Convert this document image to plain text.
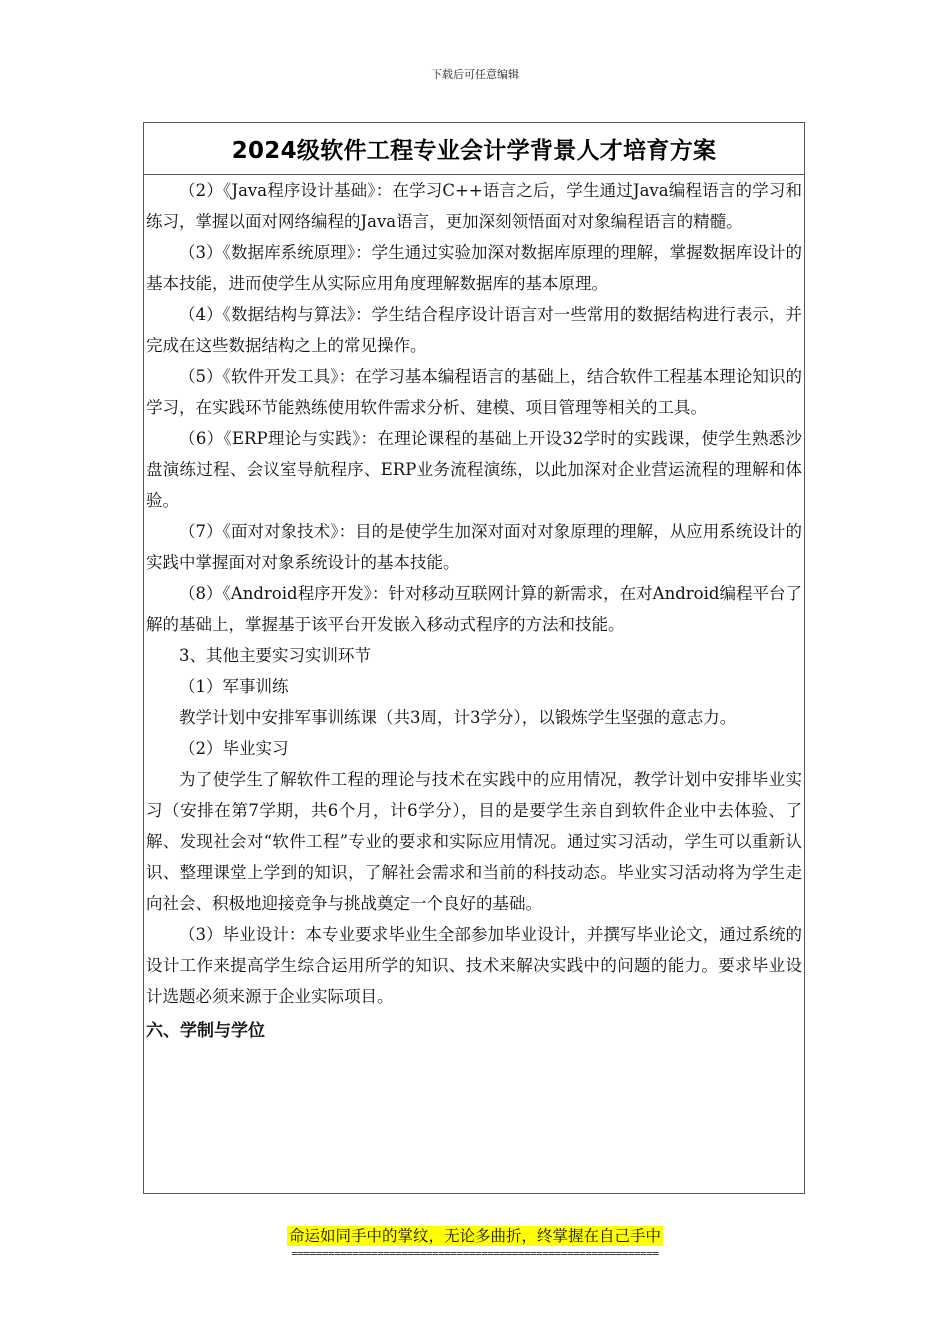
下载后可任意编辑
2024级软件工程专业会计学背景人才培育方案

（2）《Java程序设计基础》：在学习C++语言之后，学生通过Java编程语言的学习和练习，掌握以面对网络编程的Java语言，更加深刻领悟面对对象编程语言的精髓。

（3）《数据库系统原理》：学生通过实验加深对数据库原理的理解，掌握数据库设计的基本技能，进而使学生从实际应用角度理解数据库的基本原理。

（4）《数据结构与算法》：学生结合程序设计语言对一些常用的数据结构进行表示，并完成在这些数据结构之上的常见操作。

（5）《软件开发工具》：在学习基本编程语言的基础上，结合软件工程基本理论知识的学习，在实践环节能熟练使用软件需求分析、建模、项目管理等相关的工具。

（6）《ERP理论与实践》：在理论课程的基础上开设32学时的实践课，使学生熟悉沙盘演练过程、会议室导航程序、ERP业务流程演练，以此加深对企业营运流程的理解和体验。

（7）《面对对象技术》：目的是使学生加深对面对对象原理的理解，从应用系统设计的实践中掌握面对对象系统设计的基本技能。

（8）《Android程序开发》：针对移动互联网计算的新需求，在对Android编程平台了解的基础上，掌握基于该平台开发嵌入移动式程序的方法和技能。

3、其他主要实习实训环节

（1）军事训练

教学计划中安排军事训练课（共3周，计3学分），以锻炼学生坚强的意志力。

（2）毕业实习

为了使学生了解软件工程的理论与技术在实践中的应用情况，教学计划中安排毕业实习（安排在第7学期，共6个月，计6学分），目的是要学生亲自到软件企业中去体验、了解、发现社会对“软件工程”专业的要求和实际应用情况。通过实习活动，学生可以重新认识、整理课堂上学到的知识，了解社会需求和当前的科技动态。毕业实习活动将为学生走向社会、积极地迎接竞争与挑战奠定一个良好的基础。

（3）毕业设计：本专业要求毕业生全部参加毕业设计，并撰写毕业论文，通过系统的设计工作来提高学生综合运用所学的知识、技术来解决实践中的问题的能力。要求毕业设计选题必须来源于企业实际项目。

六、学制与学位
命运如同手中的掌纹，无论多曲折，终掌握在自己手中
============================================================
